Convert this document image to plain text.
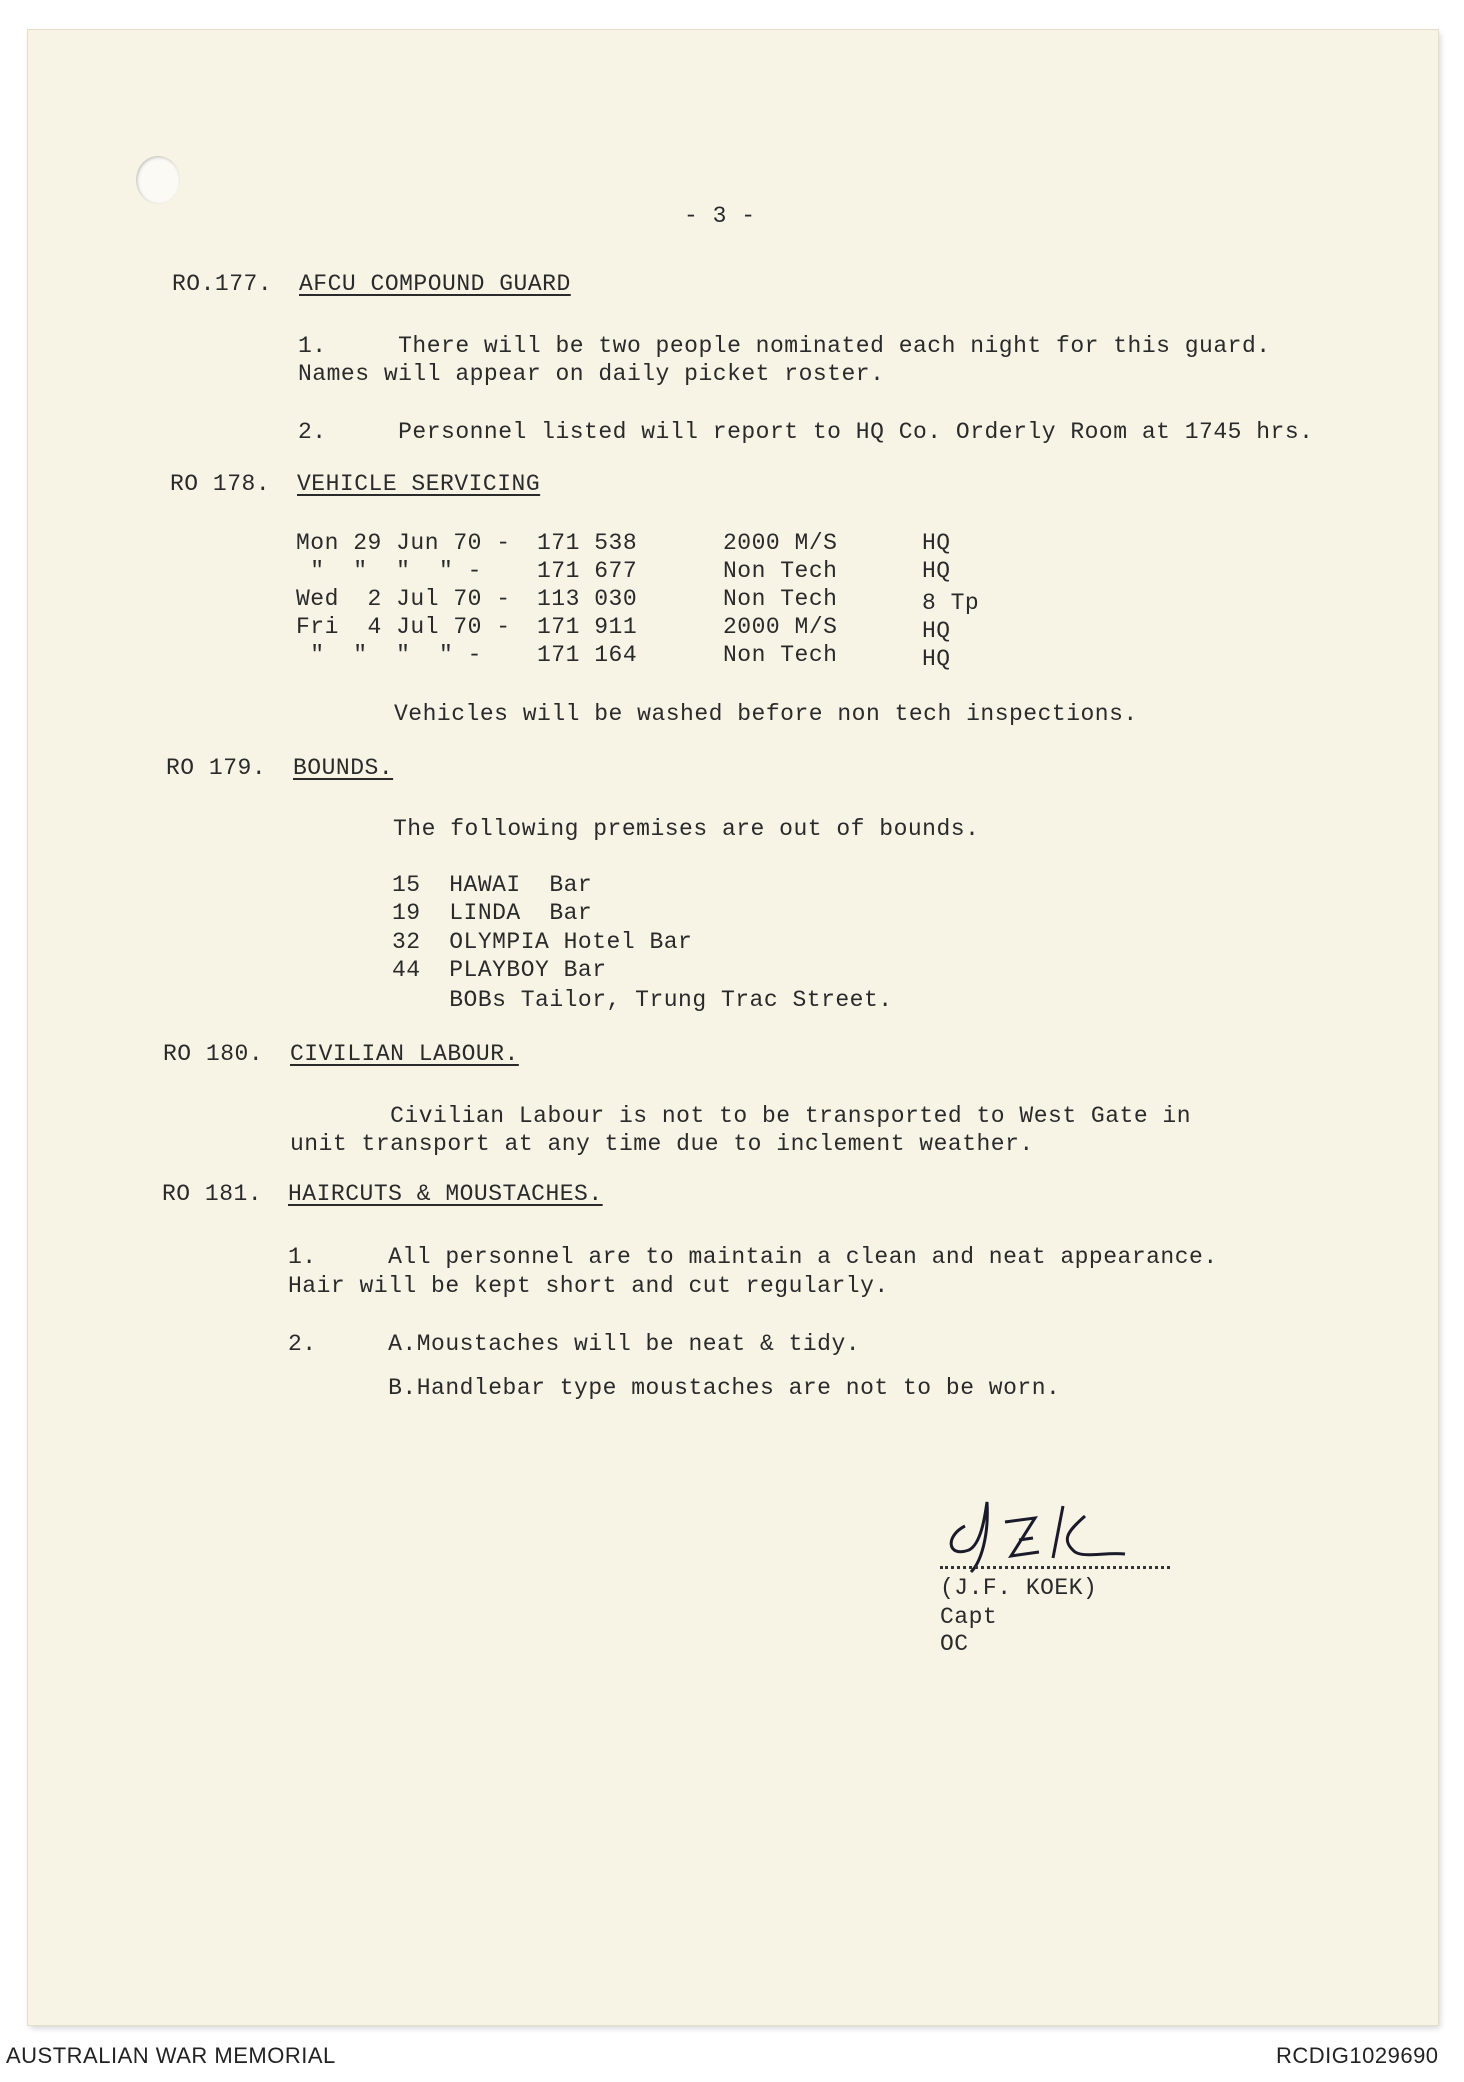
- 3 -
RO.177. AFCU COMPOUND GUARD
1.     There will be two people nominated each night for this guard.
Names will appear on daily picket roster.
2.     Personnel listed will report to HQ Co. Orderly Room at 1745 hrs.
RO 178. VEHICLE SERVICING
Mon 29 Jun 70 - 171 538	2000 M/S	HQ
"  "  "  " - 171 677	Non Tech	HQ
Wed  2 Jul 70 - 113 030	Non Tech	8 Tp
Fri  4 Jul 70 - 171 911	2000 M/S	HQ
"  "  "  " - 171 164	Non Tech	HQ
Vehicles will be washed before non tech inspections.
RO 179. BOUNDS.
The following premises are out of bounds.
15  HAWAI  Bar
19  LINDA  Bar
32  OLYMPIA Hotel Bar
44  PLAYBOY Bar
BOBs Tailor, Trung Trac Street.
RO 180. CIVILIAN LABOUR.
Civilian Labour is not to be transported to West Gate in
unit transport at any time due to inclement weather.
RO 181. HAIRCUTS & MOUSTACHES.
1.     All personnel are to maintain a clean and neat appearance.
Hair will be kept short and cut regularly.
2.     A.Moustaches will be neat & tidy.
B.Handlebar type moustaches are not to be worn.
(J.F. KOEK)
Capt
OC
AUSTRALIAN WAR MEMORIAL	RCDIG1029690
